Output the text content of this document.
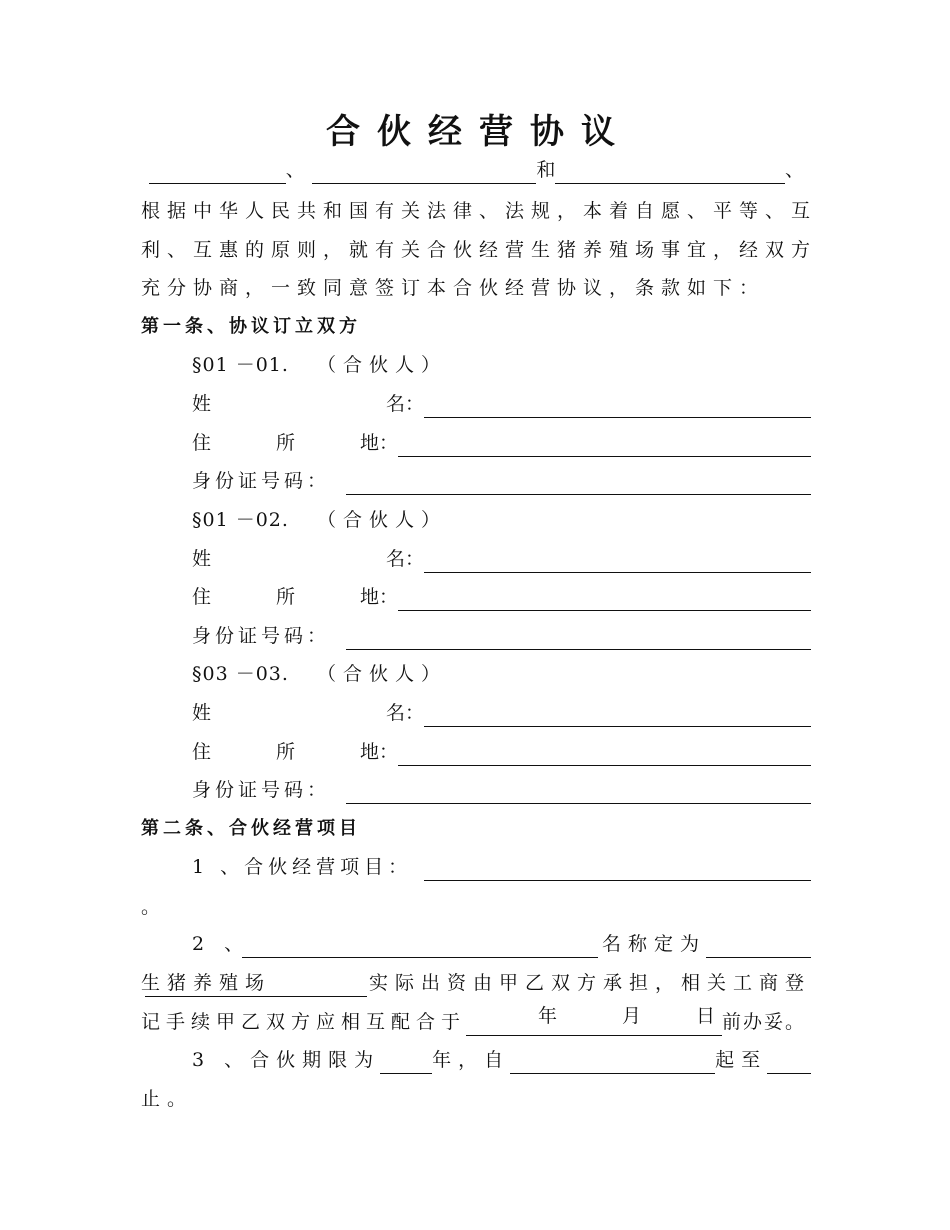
合伙经营协议
、	和	、
根据中华人民共和国有关法律、法规，本着自愿、平等、互
利、互惠的原则，就有关合伙经营生猪养殖场事宜，经双方
充分协商，一致同意签订本合伙经营协议，条款如下：
第一条、协议订立双方
§01 －01. （合伙人）
姓	名：
住	所	地：
身份证号码：
§01 －02. （合伙人）
姓	名：
住	所	地：
身份证号码：
§03 －03. （合伙人）
姓	名：
住	所	地：
身份证号码：
第二条、合伙经营项目
1 、合伙经营项目：
。
2 、	名称定为
生猪养殖场	实际出资由甲乙双方承担，相关工商登
记手续甲乙双方应相互配合于	年	月	日 前办妥。
3 、合伙期限为	年，自	起至
止。
